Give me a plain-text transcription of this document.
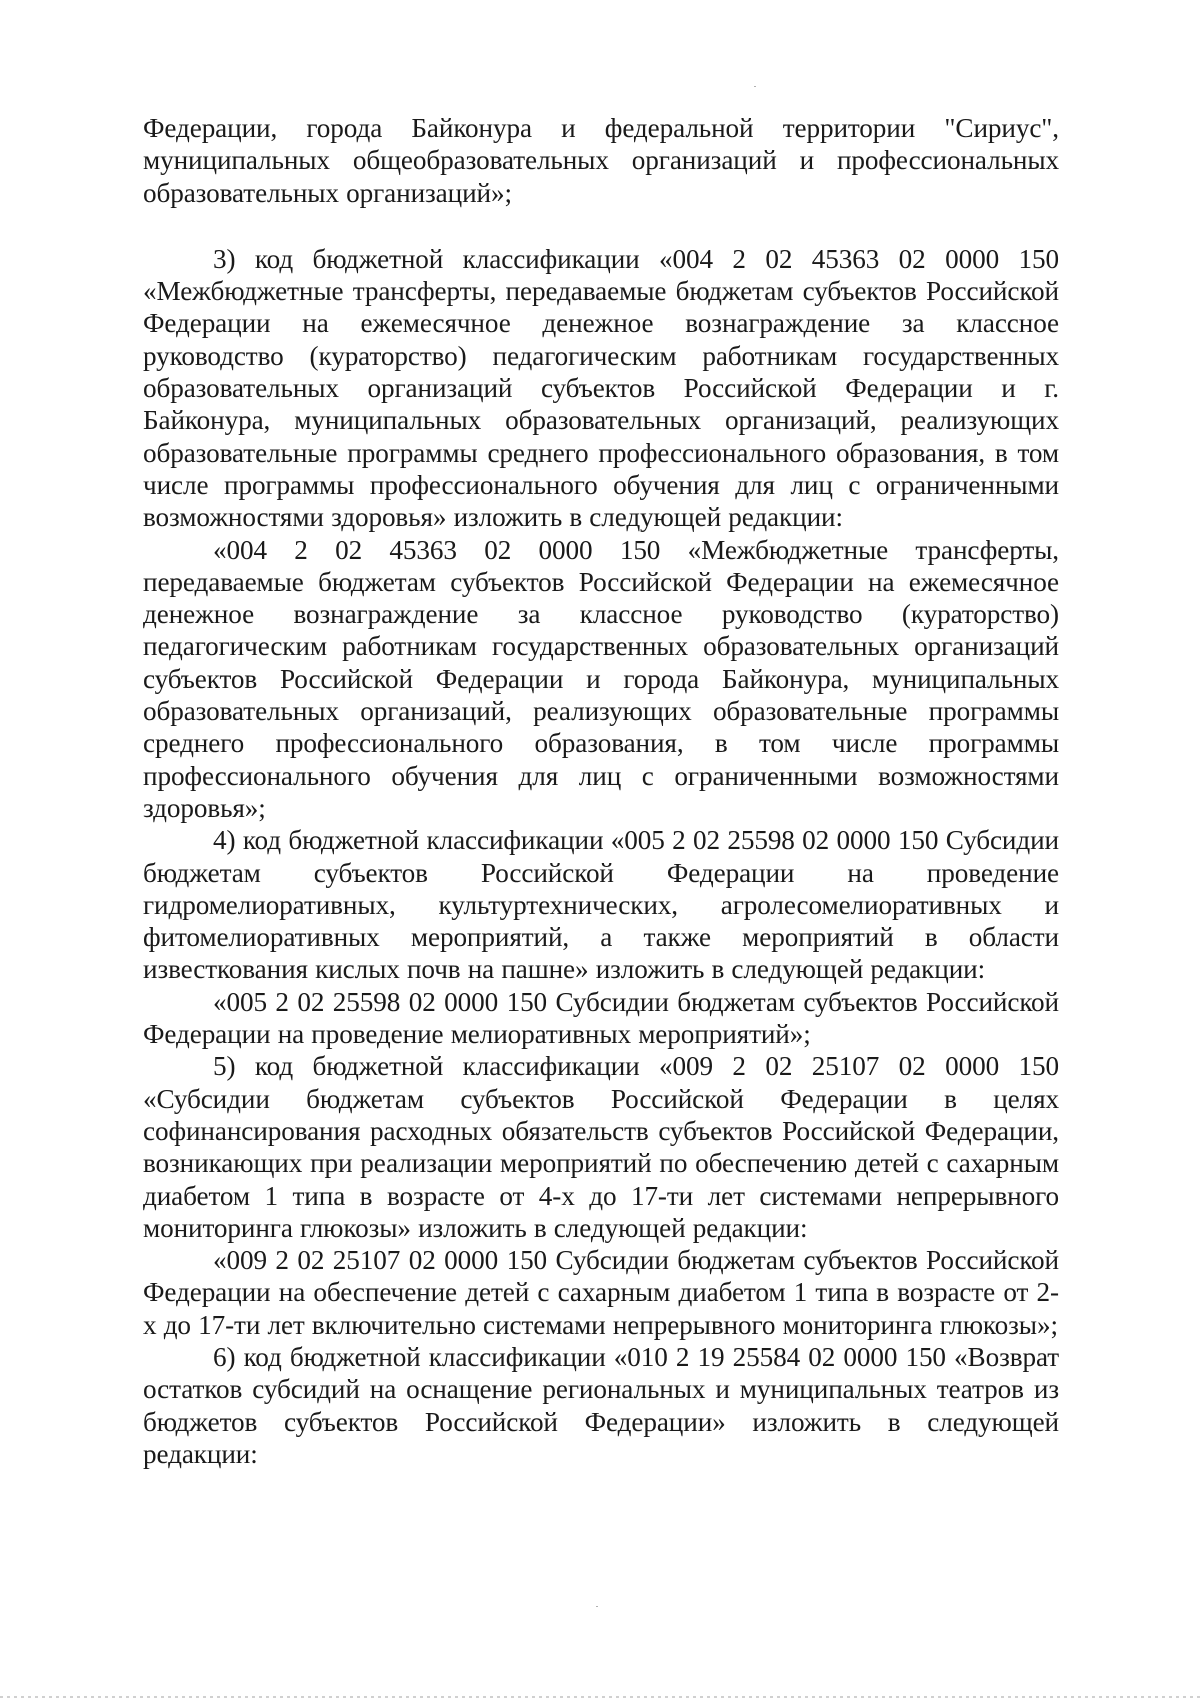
Федерации, города Байконура и федеральной территории "Сириус", муниципальных общеобразовательных организаций и профессиональных образовательных организаций»;

3) код бюджетной классификации «004 2 02 45363 02 0000 150 «Межбюджетные трансферты, передаваемые бюджетам субъектов Российской Федерации на ежемесячное денежное вознаграждение за классное руководство (кураторство) педагогическим работникам государственных образовательных организаций субъектов Российской Федерации и г. Байконура, муниципальных образовательных организаций, реализующих образовательные программы среднего профессионального образования, в том числе программы профессионального обучения для лиц с ограниченными возможностями здоровья» изложить в следующей редакции:

«004 2 02 45363 02 0000 150 «Межбюджетные трансферты, передаваемые бюджетам субъектов Российской Федерации на ежемесячное денежное вознаграждение за классное руководство (кураторство) педагогическим работникам государственных образовательных организаций субъектов Российской Федерации и города Байконура, муниципальных образовательных организаций, реализующих образовательные программы среднего профессионального образования, в том числе программы профессионального обучения для лиц с ограниченными возможностями здоровья»;

4) код бюджетной классификации «005 2 02 25598 02 0000 150 Субсидии бюджетам субъектов Российской Федерации на проведение гидромелиоративных, культуртехнических, агролесомелиоративных и фитомелиоративных мероприятий, а также мероприятий в области известкования кислых почв на пашне» изложить в следующей редакции:

«005 2 02 25598 02 0000 150 Субсидии бюджетам субъектов Российской Федерации на проведение мелиоративных мероприятий»;

5) код бюджетной классификации «009 2 02 25107 02 0000 150 «Субсидии бюджетам субъектов Российской Федерации в целях софинансирования расходных обязательств субъектов Российской Федерации, возникающих при реализации мероприятий по обеспечению детей с сахарным диабетом 1 типа в возрасте от 4-х до 17-ти лет системами непрерывного мониторинга глюкозы» изложить в следующей редакции:

«009 2 02 25107 02 0000 150 Субсидии бюджетам субъектов Российской Федерации на обеспечение детей с сахарным диабетом 1 типа в возрасте от 2-х до 17-ти лет включительно системами непрерывного мониторинга глюкозы»;

6) код бюджетной классификации «010 2 19 25584 02 0000 150 «Возврат остатков субсидий на оснащение региональных и муниципальных театров из бюджетов субъектов Российской Федерации» изложить в следующей редакции:
